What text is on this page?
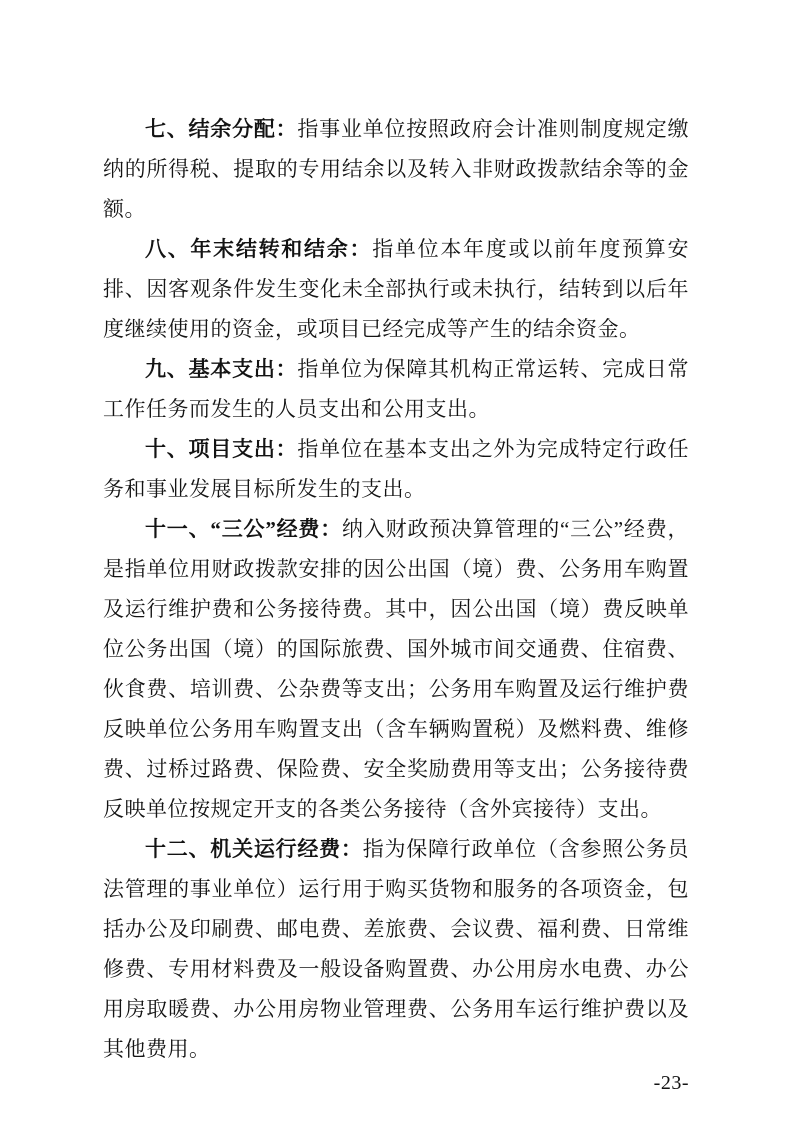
七、结余分配：指事业单位按照政府会计准则制度规定缴纳的所得税、提取的专用结余以及转入非财政拨款结余等的金额。

八、年末结转和结余：指单位本年度或以前年度预算安排、因客观条件发生变化未全部执行或未执行，结转到以后年度继续使用的资金，或项目已经完成等产生的结余资金。

九、基本支出：指单位为保障其机构正常运转、完成日常工作任务而发生的人员支出和公用支出。

十、项目支出：指单位在基本支出之外为完成特定行政任务和事业发展目标所发生的支出。

十一、“三公”经费：纳入财政预决算管理的“三公”经费，是指单位用财政拨款安排的因公出国（境）费、公务用车购置及运行维护费和公务接待费。其中，因公出国（境）费反映单位公务出国（境）的国际旅费、国外城市间交通费、住宿费、伙食费、培训费、公杂费等支出；公务用车购置及运行维护费反映单位公务用车购置支出（含车辆购置税）及燃料费、维修费、过桥过路费、保险费、安全奖励费用等支出；公务接待费反映单位按规定开支的各类公务接待（含外宾接待）支出。

十二、机关运行经费：指为保障行政单位（含参照公务员法管理的事业单位）运行用于购买货物和服务的各项资金，包括办公及印刷费、邮电费、差旅费、会议费、福利费、日常维修费、专用材料费及一般设备购置费、办公用房水电费、办公用房取暖费、办公用房物业管理费、公务用车运行维护费以及其他费用。

-23-
